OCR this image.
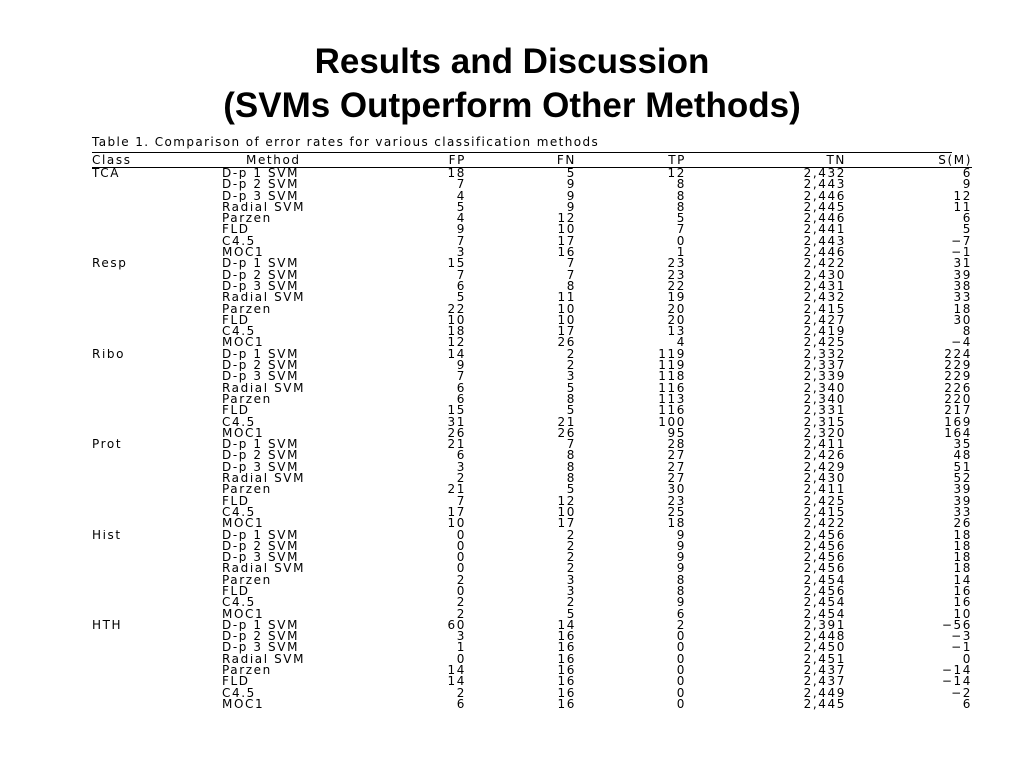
Results and Discussion
(SVMs Outperform Other Methods)
Table 1. Comparison of error rates for various classification methods
Class	Method	FP	FN	TP	TN	S(M)
TCA	D-p 1 SVM	18	5	12	2,432	6
	D-p 2 SVM	7	9	8	2,443	9
	D-p 3 SVM	4	9	8	2,446	12
	Radial SVM	5	9	8	2,445	11
	Parzen	4	12	5	2,446	6
	FLD	9	10	7	2,441	5
	C4.5	7	17	0	2,443	−7
	MOC1	3	16	1	2,446	−1
Resp	D-p 1 SVM	15	7	23	2,422	31
	D-p 2 SVM	7	7	23	2,430	39
	D-p 3 SVM	6	8	22	2,431	38
	Radial SVM	5	11	19	2,432	33
	Parzen	22	10	20	2,415	18
	FLD	10	10	20	2,427	30
	C4.5	18	17	13	2,419	8
	MOC1	12	26	4	2,425	−4
Ribo	D-p 1 SVM	14	2	119	2,332	224
	D-p 2 SVM	9	2	119	2,337	229
	D-p 3 SVM	7	3	118	2,339	229
	Radial SVM	6	5	116	2,340	226
	Parzen	6	8	113	2,340	220
	FLD	15	5	116	2,331	217
	C4.5	31	21	100	2,315	169
	MOC1	26	26	95	2,320	164
Prot	D-p 1 SVM	21	7	28	2,411	35
	D-p 2 SVM	6	8	27	2,426	48
	D-p 3 SVM	3	8	27	2,429	51
	Radial SVM	2	8	27	2,430	52
	Parzen	21	5	30	2,411	39
	FLD	7	12	23	2,425	39
	C4.5	17	10	25	2,415	33
	MOC1	10	17	18	2,422	26
Hist	D-p 1 SVM	0	2	9	2,456	18
	D-p 2 SVM	0	2	9	2,456	18
	D-p 3 SVM	0	2	9	2,456	18
	Radial SVM	0	2	9	2,456	18
	Parzen	2	3	8	2,454	14
	FLD	0	3	8	2,456	16
	C4.5	2	2	9	2,454	16
	MOC1	2	5	6	2,454	10
HTH	D-p 1 SVM	60	14	2	2,391	−56
	D-p 2 SVM	3	16	0	2,448	−3
	D-p 3 SVM	1	16	0	2,450	−1
	Radial SVM	0	16	0	2,451	0
	Parzen	14	16	0	2,437	−14
	FLD	14	16	0	2,437	−14
	C4.5	2	16	0	2,449	−2
	MOC1	6	16	0	2,445	6
